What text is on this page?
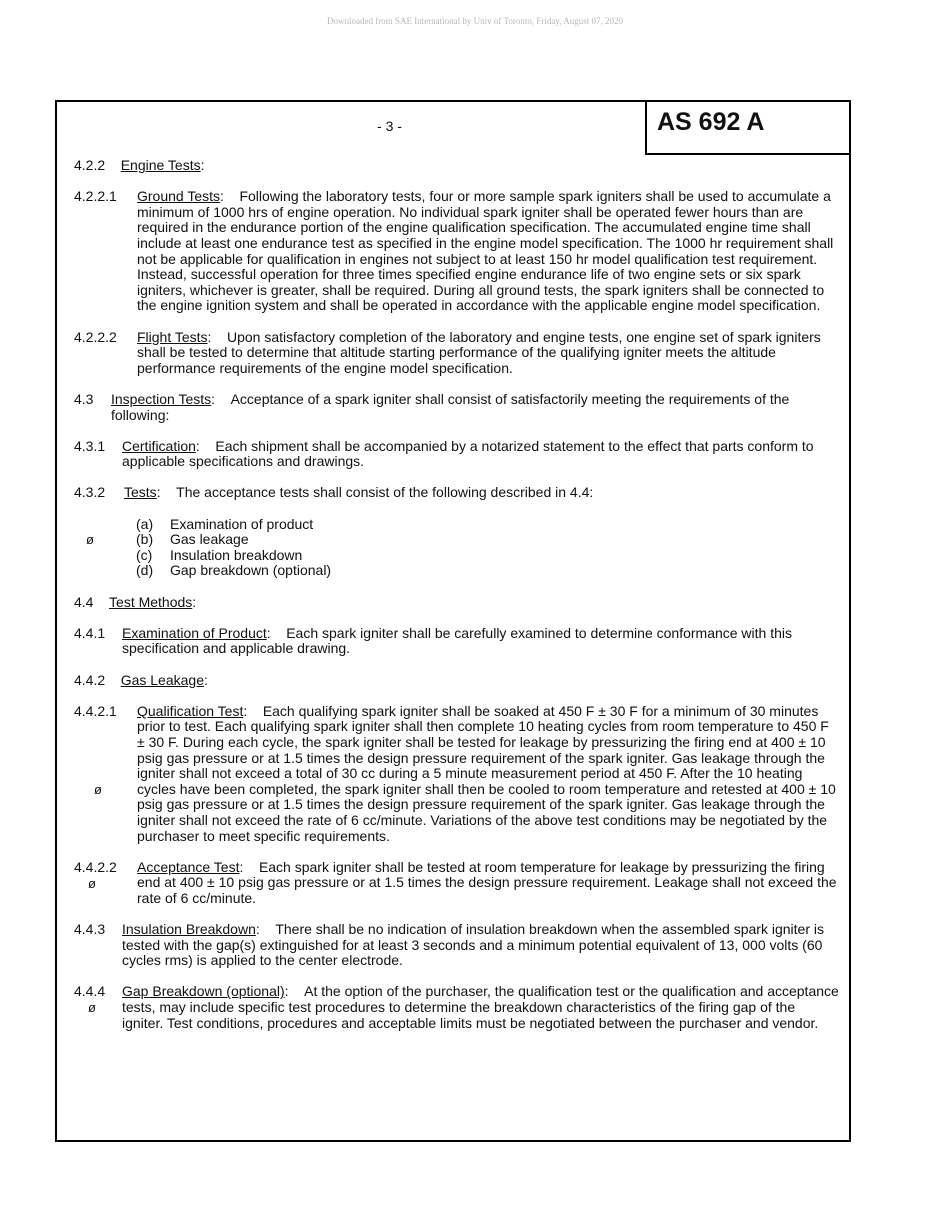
Downloaded from SAE International by Univ of Toronto, Friday, August 07, 2020
- 3 -	AS 692 A
4.2.2 Engine Tests:
4.2.2.1	Ground Tests:    Following the laboratory tests, four or more sample spark igniters shall be used to accumulate a minimum of 1000 hrs of engine operation. No individual spark igniter shall be operated fewer hours than are required in the endurance portion of the engine qualification specification. The accumulated engine time shall include at least one endurance test as specified in the engine model specification. The 1000 hr requirement shall not be applicable for qualification in engines not subject to at least 150 hr model qualification test requirement. Instead, successful operation for three times specified engine endurance life of two engine sets or six spark igniters, whichever is greater, shall be required. During all ground tests, the spark igniters shall be connected to the engine ignition system and shall be operated in accordance with the applicable engine model specification.
4.2.2.2	Flight Tests:    Upon satisfactory completion of the laboratory and engine tests, one engine set of spark igniters shall be tested to determine that altitude starting performance of the qualifying igniter meets the altitude performance requirements of the engine model specification.
4.3	Inspection Tests:    Acceptance of a spark igniter shall consist of satisfactorily meeting the requirements of the following:
4.3.1	Certification:    Each shipment shall be accompanied by a notarized statement to the effect that parts conform to applicable specifications and drawings.
4.3.2	Tests:    The acceptance tests shall consist of the following described in 4.4:
(a)	Examination of product
ø	(b)	Gas leakage
(c)	Insulation breakdown
(d)	Gap breakdown (optional)
4.4 Test Methods:
4.4.1	Examination of Product:    Each spark igniter shall be carefully examined to determine conformance with this specification and applicable drawing.
4.4.2 Gas Leakage:
4.4.2.1
ø
Qualification Test:    Each qualifying spark igniter shall be soaked at 450 F ± 30 F for a minimum of 30 minutes prior to test. Each qualifying spark igniter shall then complete 10 heating cycles from room temperature to 450 F ± 30 F. During each cycle, the spark igniter shall be tested for leakage by pressurizing the firing end at 400 ± 10 psig gas pressure or at 1.5 times the design pressure requirement of the spark igniter. Gas leakage through the igniter shall not exceed a total of 30 cc during a 5 minute measurement period at 450 F. After the 10 heating cycles have been completed, the spark igniter shall then be cooled to room temperature and retested at 400 ± 10 psig gas pressure or at 1.5 times the design pressure requirement of the spark igniter. Gas leakage through the igniter shall not exceed the rate of 6 cc/minute. Variations of the above test conditions may be negotiated by the purchaser to meet specific requirements.
4.4.2.2
ø
Acceptance Test:    Each spark igniter shall be tested at room temperature for leakage by pressurizing the firing end at 400 ± 10 psig gas pressure or at 1.5 times the design pressure requirement. Leakage shall not exceed the rate of 6 cc/minute.
4.4.3	Insulation Breakdown:    There shall be no indication of insulation breakdown when the assembled spark igniter is tested with the gap(s) extinguished for at least 3 seconds and a minimum potential equivalent of 13, 000 volts (60 cycles rms) is applied to the center electrode.
4.4.4
ø
Gap Breakdown (optional):    At the option of the purchaser, the qualification test or the qualification and acceptance tests, may include specific test procedures to determine the breakdown characteristics of the firing gap of the igniter. Test conditions, procedures and acceptable limits must be negotiated between the purchaser and vendor.
